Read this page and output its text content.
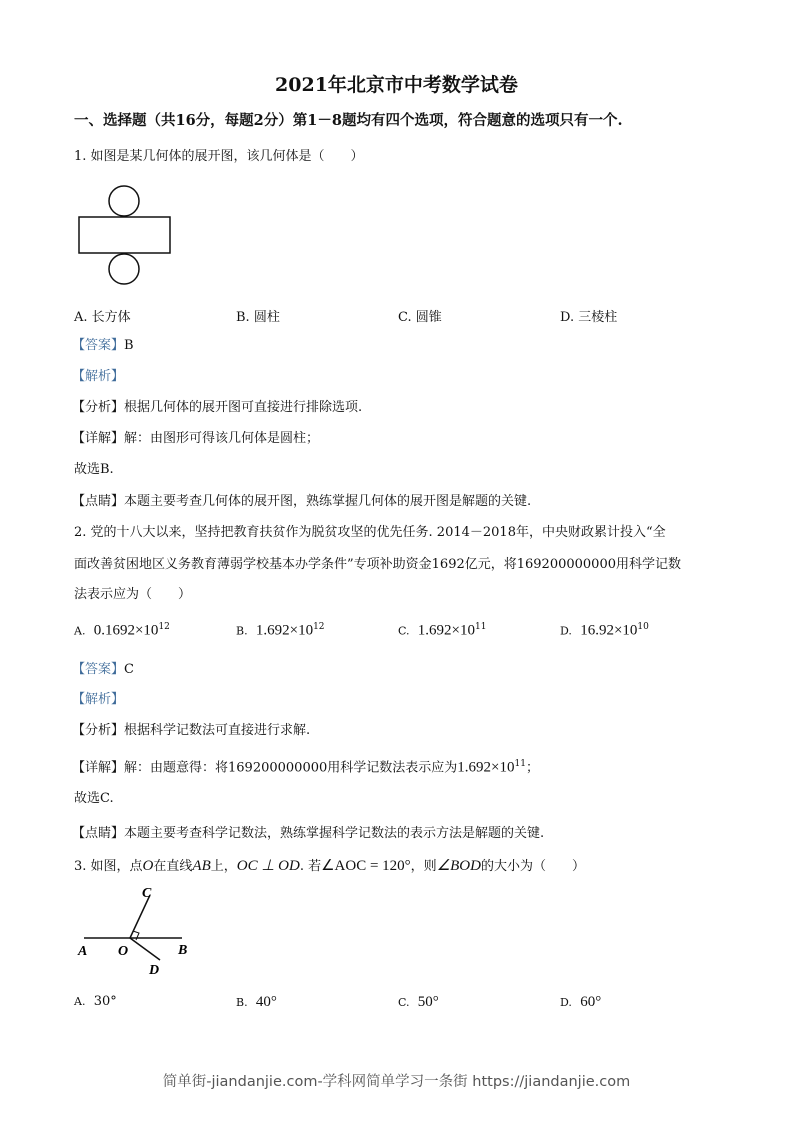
2021年北京市中考数学试卷
一、选择题（共16分，每题2分）第1－8题均有四个选项，符合题意的选项只有一个.
1. 如图是某几何体的展开图，该几何体是（　　）
A. 长方体	B. 圆柱	C. 圆锥	D. 三棱柱
【答案】B
【解析】
【分析】根据几何体的展开图可直接进行排除选项.
【详解】解：由图形可得该几何体是圆柱；
故选B.
【点睛】本题主要考查几何体的展开图，熟练掌握几何体的展开图是解题的关键.
2. 党的十八大以来，坚持把教育扶贫作为脱贫攻坚的优先任务. 2014－2018年，中央财政累计投入“全
面改善贫困地区义务教育薄弱学校基本办学条件”专项补助资金1692亿元，将169200000000用科学记数
法表示应为（　　）
A. $0.1692\times 10^{12}$	B. $1.692\times 10^{12}$	C. $1.692\times 10^{11}$	D. $16.92\times 10^{10}$
【答案】C
【解析】
【分析】根据科学记数法可直接进行求解.
【详解】解：由题意得：将169200000000用科学记数法表示应为$1.692\times 10^{11}$；
故选C.
【点睛】本题主要考查科学记数法，熟练掌握科学记数法的表示方法是解题的关键.
3. 如图，点O在直线AB上，OC ⊥ OD. 若∠AOC = 120°，则∠BOD的大小为（　　）
C
A O	B
D
A. 30°	B. 40°	C. 50°	D. 60°
简单街-jiandanjie.com-学科网简单学习一条街 https://jiandanjie.com
